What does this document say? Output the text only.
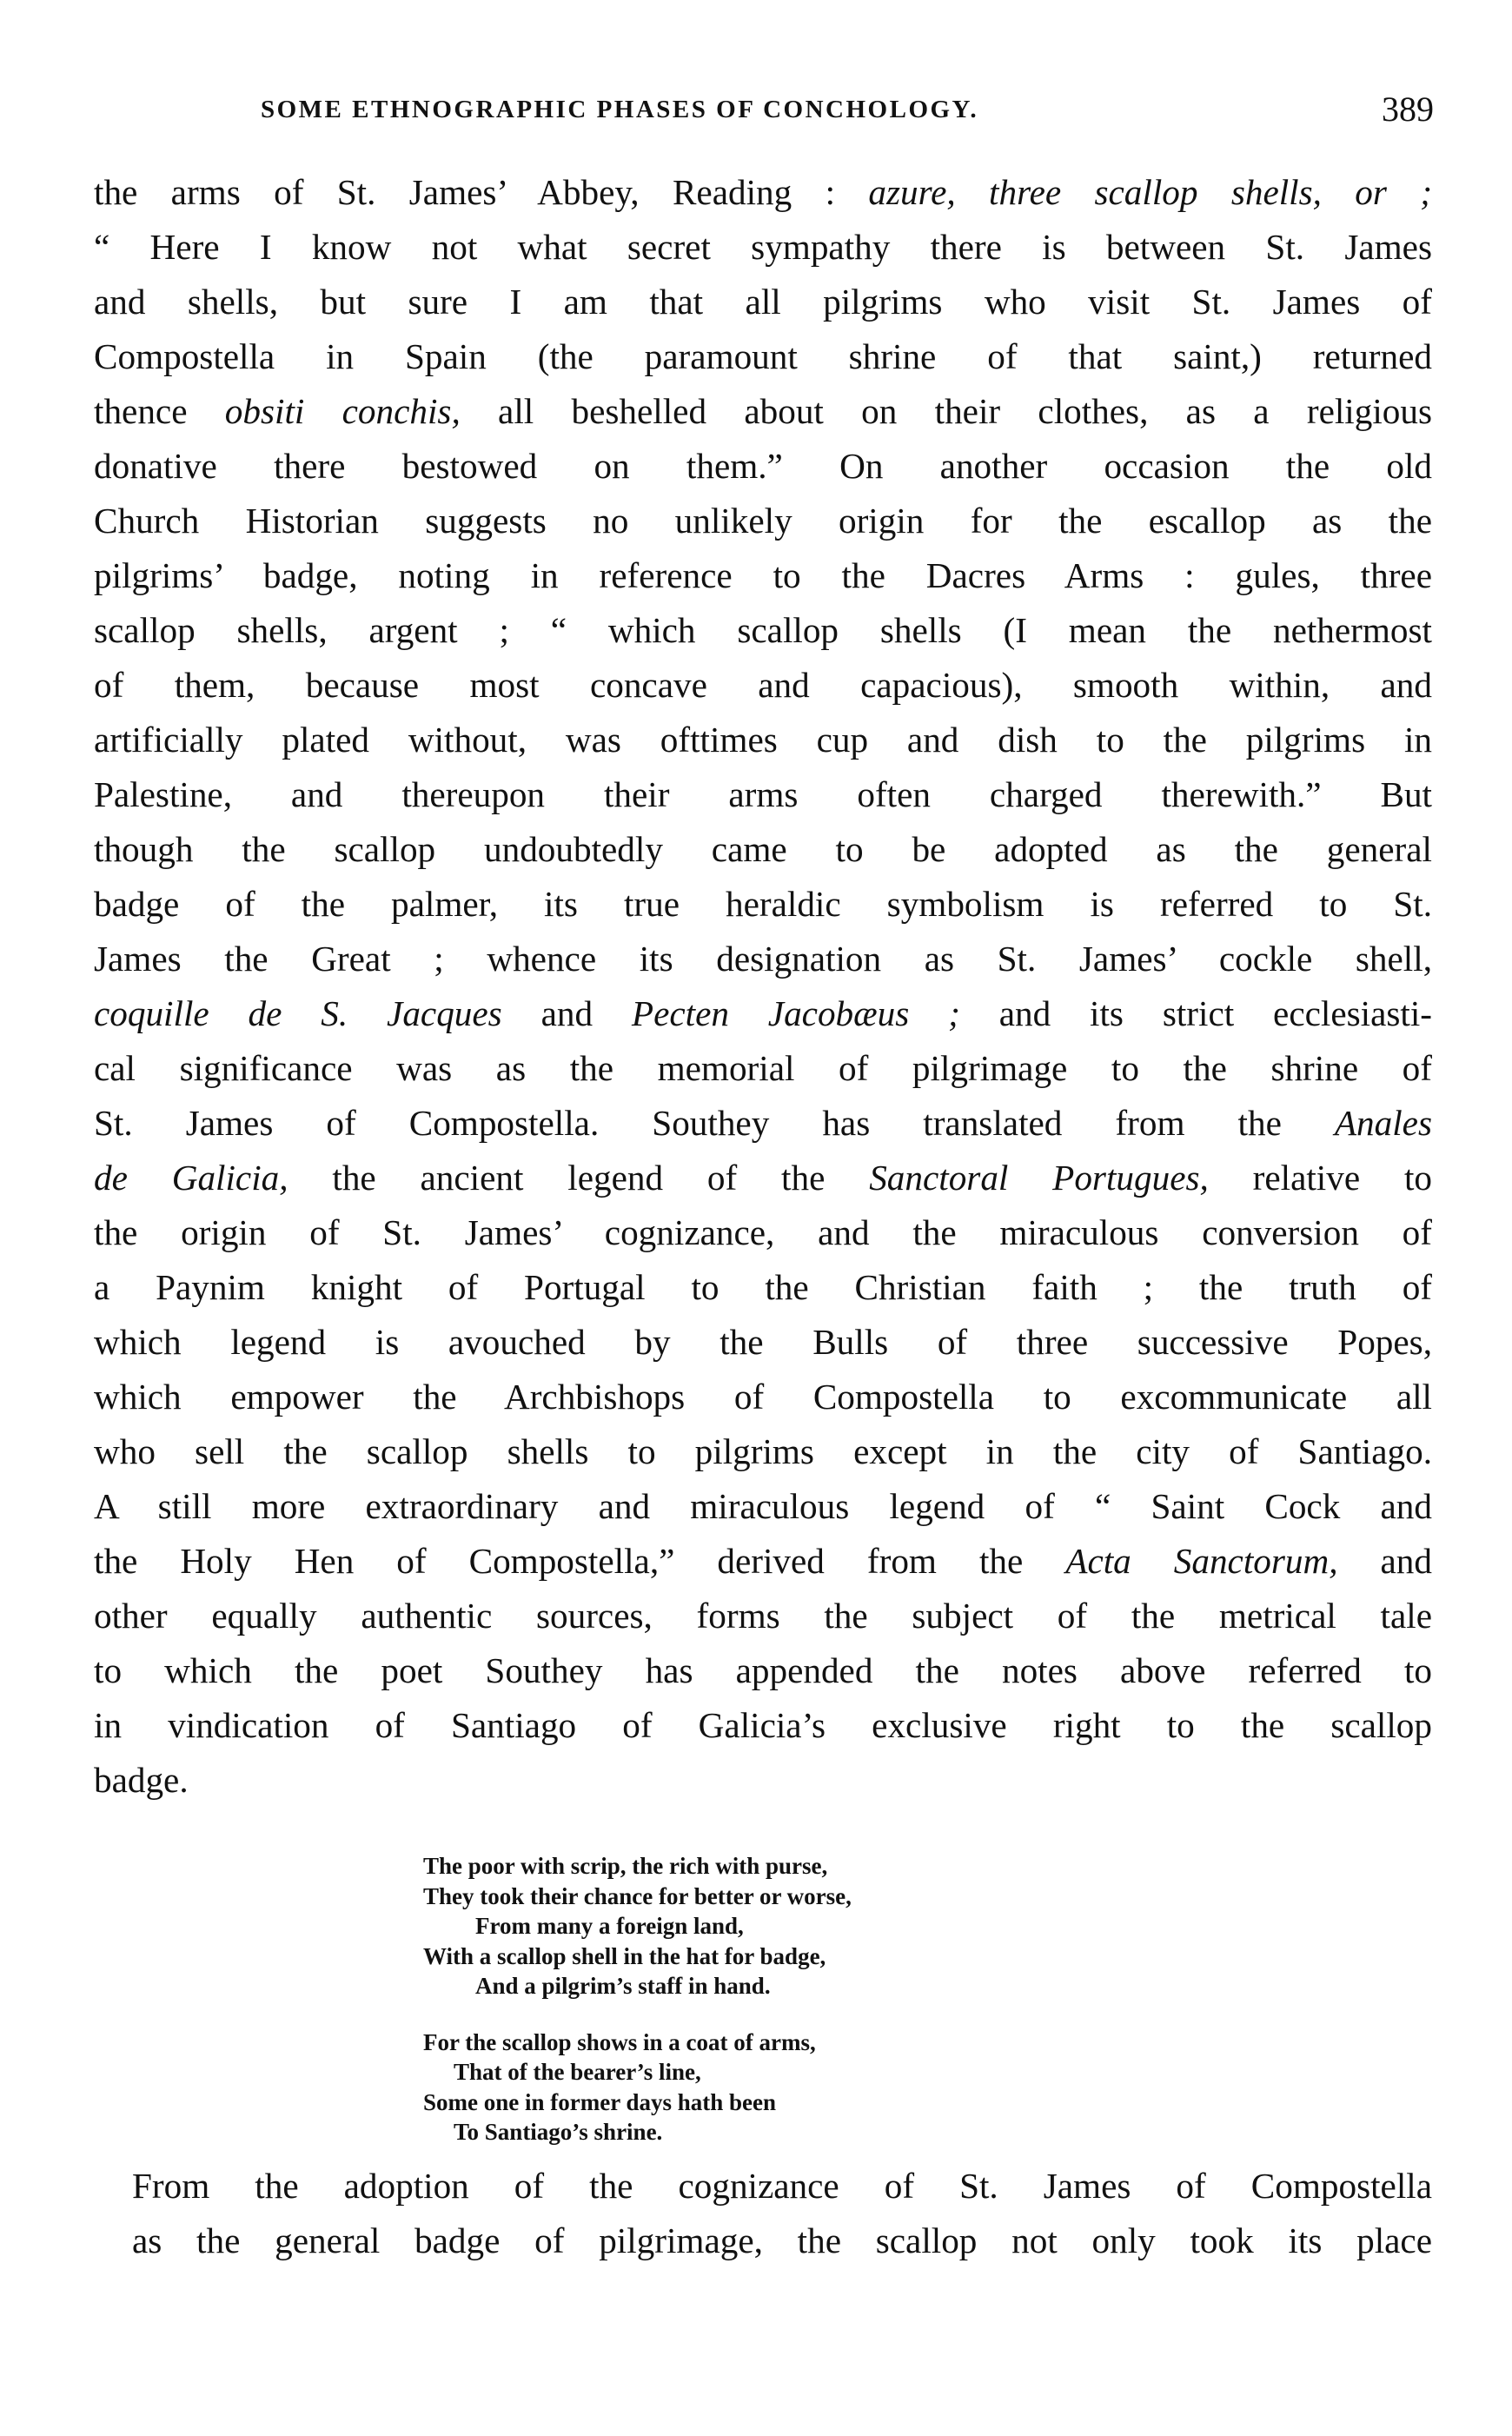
SOME ETHNOGRAPHIC PHASES OF CONCHOLOGY.	389
the arms of St. James’ Abbey, Reading : azure, three scallop shells, or ;
“ Here I know not what secret sympathy there is between St. James
and shells, but sure I am that all pilgrims who visit St. James of
Compostella in Spain (the paramount shrine of that saint,) returned
thence obsiti conchis, all beshelled about on their clothes, as a religious
donative there bestowed on them.” On another occasion the old
Church Historian suggests no unlikely origin for the escallop as the
pilgrims’ badge, noting in reference to the Dacres Arms : gules, three
scallop shells, argent ; “ which scallop shells (I mean the nethermost
of them, because most concave and capacious), smooth within, and
artificially plated without, was ofttimes cup and dish to the pilgrims in
Palestine, and thereupon their arms often charged therewith.” But
though the scallop undoubtedly came to be adopted as the general
badge of the palmer, its true heraldic symbolism is referred to St.
James the Great ; whence its designation as St. James’ cockle shell,
coquille de S. Jacques and Pecten Jacobæus ; and its strict ecclesiasti-
cal significance was as the memorial of pilgrimage to the shrine of
St. James of Compostella. Southey has translated from the Anales
de Galicia, the ancient legend of the Sanctoral Portugues, relative to
the origin of St. James’ cognizance, and the miraculous conversion of
a Paynim knight of Portugal to the Christian faith ; the truth of
which legend is avouched by the Bulls of three successive Popes,
which empower the Archbishops of Compostella to excommunicate all
who sell the scallop shells to pilgrims except in the city of Santiago.
A still more extraordinary and miraculous legend of “ Saint Cock and
the Holy Hen of Compostella,” derived from the Acta Sanctorum, and
other equally authentic sources, forms the subject of the metrical tale
to which the poet Southey has appended the notes above referred to
in vindication of Santiago of Galicia’s exclusive right to the scallop
badge.
The poor with scrip, the rich with purse,
They took their chance for better or worse,
From many a foreign land,
With a scallop shell in the hat for badge,
And a pilgrim’s staff in hand.
For the scallop shows in a coat of arms,
That of the bearer’s line,
Some one in former days hath been
To Santiago’s shrine.
From the adoption of the cognizance of St. James of Compostella
as the general badge of pilgrimage, the scallop not only took its place
